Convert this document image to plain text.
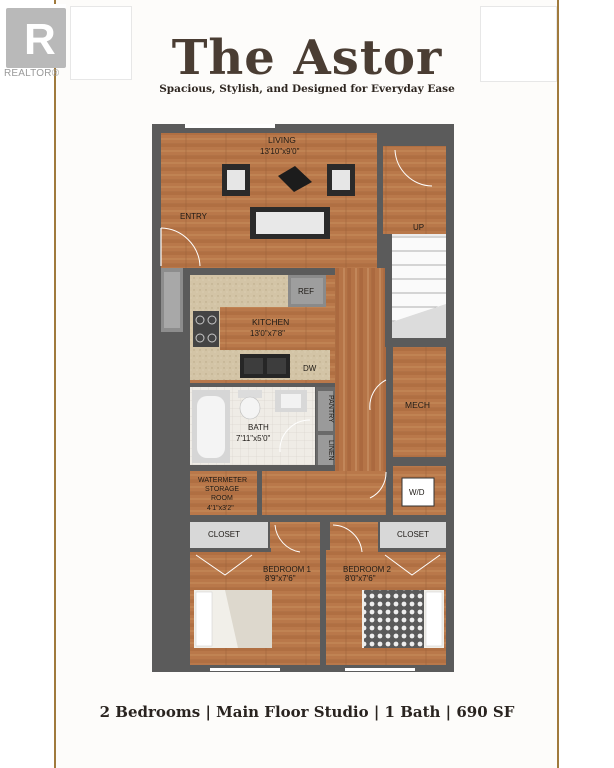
R
REALTOR®	The Astor
Spacious, Stylish, and Designed for Everyday Ease
LIVING
13'10"x9'0"
ENTRY
UP
REF
KITCHEN
13'0"x7'8"
DW
MECH
BATH
7'11"x5'0"
PANTRY
LINEN
WATERMETER
STORAGE
ROOM
4'1"x3'2"
W/D
CLOSET	CLOSET
BEDROOM 1
8'9"x7'6"
BEDROOM 2
8'0"x7'6"
2 Bedrooms | Main Floor Studio | 1 Bath | 690 SF
